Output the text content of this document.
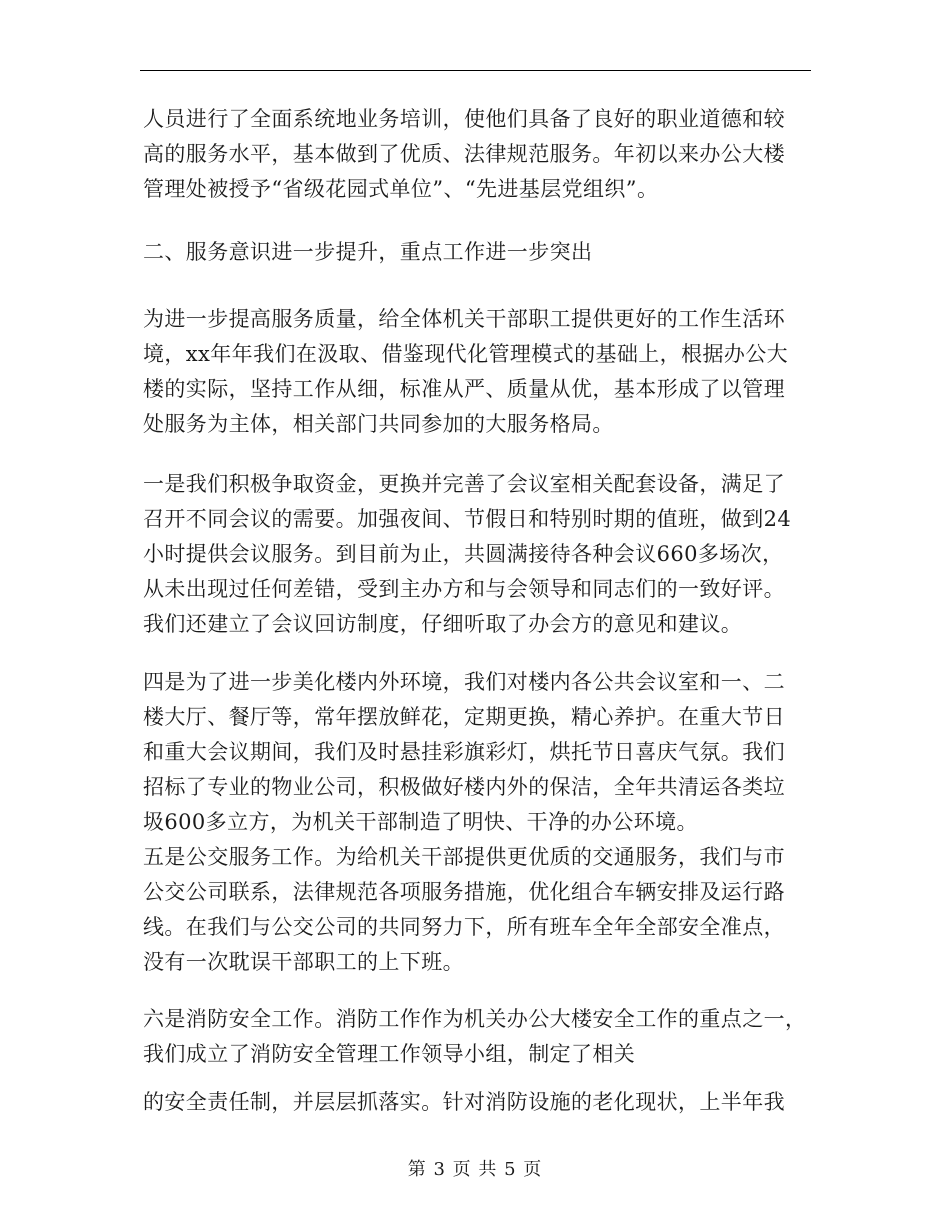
人员进行了全面系统地业务培训，使他们具备了良好的职业道德和较
高的服务水平，基本做到了优质、法律规范服务。年初以来办公大楼
管理处被授予“省级花园式单位”、“先进基层党组织”。
二、服务意识进一步提升，重点工作进一步突出
为进一步提高服务质量，给全体机关干部职工提供更好的工作生活环
境，xx年年我们在汲取、借鉴现代化管理模式的基础上，根据办公大
楼的实际，坚持工作从细，标准从严、质量从优，基本形成了以管理
处服务为主体，相关部门共同参加的大服务格局。
一是我们积极争取资金，更换并完善了会议室相关配套设备，满足了
召开不同会议的需要。加强夜间、节假日和特别时期的值班，做到24
小时提供会议服务。到目前为止，共圆满接待各种会议660多场次，
从未出现过任何差错，受到主办方和与会领导和同志们的一致好评。
我们还建立了会议回访制度，仔细听取了办会方的意见和建议。
四是为了进一步美化楼内外环境，我们对楼内各公共会议室和一、二
楼大厅、餐厅等，常年摆放鲜花，定期更换，精心养护。在重大节日
和重大会议期间，我们及时悬挂彩旗彩灯，烘托节日喜庆气氛。我们
招标了专业的物业公司，积极做好楼内外的保洁，全年共清运各类垃
圾600多立方，为机关干部制造了明快、干净的办公环境。
五是公交服务工作。为给机关干部提供更优质的交通服务，我们与市
公交公司联系，法律规范各项服务措施，优化组合车辆安排及运行路
线。在我们与公交公司的共同努力下，所有班车全年全部安全准点，
没有一次耽误干部职工的上下班。
六是消防安全工作。消防工作作为机关办公大楼安全工作的重点之一，
我们成立了消防安全管理工作领导小组，制定了相关
的安全责任制，并层层抓落实。针对消防设施的老化现状，上半年我
第 3 页 共 5 页
